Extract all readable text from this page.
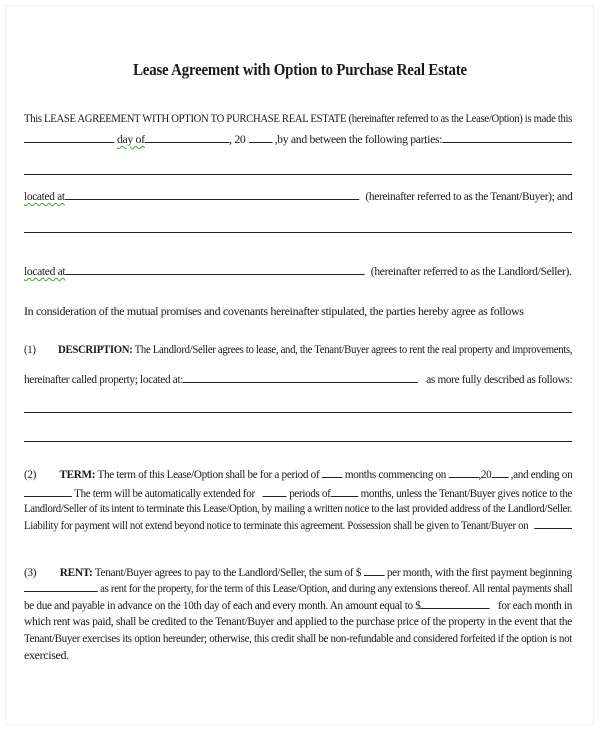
Lease Agreement with Option to Purchase Real Estate
This LEASE AGREEMENT WITH OPTION TO PURCHASE REAL ESTATE (hereinafter referred to as the Lease/Option) is made this
day of	, 20 ,by and between the following parties:
located at	(hereinafter referred to as the Tenant/Buyer); and
located at	(hereinafter referred to as the Landlord/Seller).
In consideration of the mutual promises and covenants hereinafter stipulated, the parties hereby agree as follows
(1) DESCRIPTION: The Landlord/Seller agrees to lease, and, the Tenant/Buyer agrees to rent the real property and improvements,
hereinafter called property; located at:	as more fully described as follows:
(2) TERM: The term of this Lease/Option shall be for a period of months commencing on	,20 ,and ending on
The term will be automatically extended for	periods of	months, unless the Tenant/Buyer gives notice to the
Landlord/Seller of its intent to terminate this Lease/Option, by mailing a written notice to the last provided address of the Landlord/Seller.
Liability for payment will not extend beyond notice to terminate this agreement. Possession shall be given to Tenant/Buyer on
(3) RENT: Tenant/Buyer agrees to pay to the Landlord/Seller, the sum of $ per month, with the first payment beginning
as rent for the property, for the term of this Lease/Option, and during any extensions thereof. All rental payments shall
be due and payable in advance on the 10th day of each and every month. An amount equal to $	for each month in
which rent was paid, shall be credited to the Tenant/Buyer and applied to the purchase price of the property in the event that the
Tenant/Buyer exercises its option hereunder; otherwise, this credit shall be non-refundable and considered forfeited if the option is not
exercised.
